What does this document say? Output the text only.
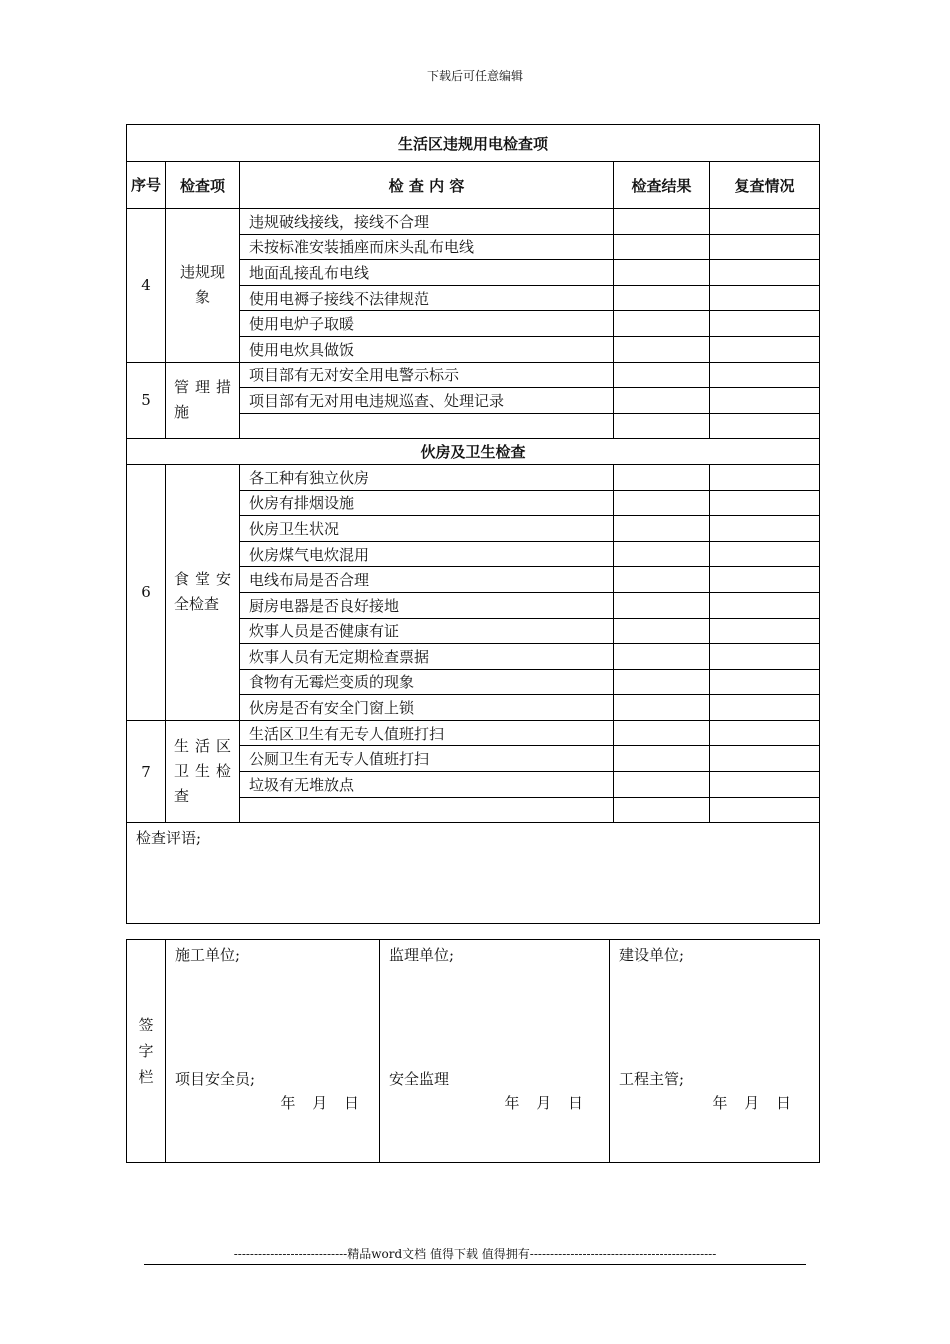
下载后可任意编辑
生活区违规用电检查项				
序号	检查项	检 查 内 容	检查结果	复查情况
4	违规现象	违规破线接线，接线不合理		
		未按标准安装插座而床头乱布电线		
		地面乱接乱布电线		
		使用电褥子接线不法律规范		
		使用电炉子取暖		
		使用电炊具做饭		
5	管理措施	项目部有无对安全用电警示标示		
		项目部有无对用电违规巡查、处理记录		

伙房及卫生检查				
6	食堂安全检查	各工种有独立伙房		
		伙房有排烟设施		
		伙房卫生状况		
		伙房煤气电炊混用		
		电线布局是否合理		
		厨房电器是否良好接地		
		炊事人员是否健康有证		
		炊事人员有无定期检查票据		
		食物有无霉烂变质的现象		
		伙房是否有安全门窗上锁		
7	生活区卫生检查	生活区卫生有无专人值班打扫		
		公厕卫生有无专人值班打扫		
		垃圾有无堆放点		

检查评语;				
签字栏

施工单位;
项目安全员;
年 月 日

监理单位;
安全监理
年 月 日

建设单位;
工程主管;
年 月 日
----------------------------精品word文档 值得下载 值得拥有----------------------------------------------
